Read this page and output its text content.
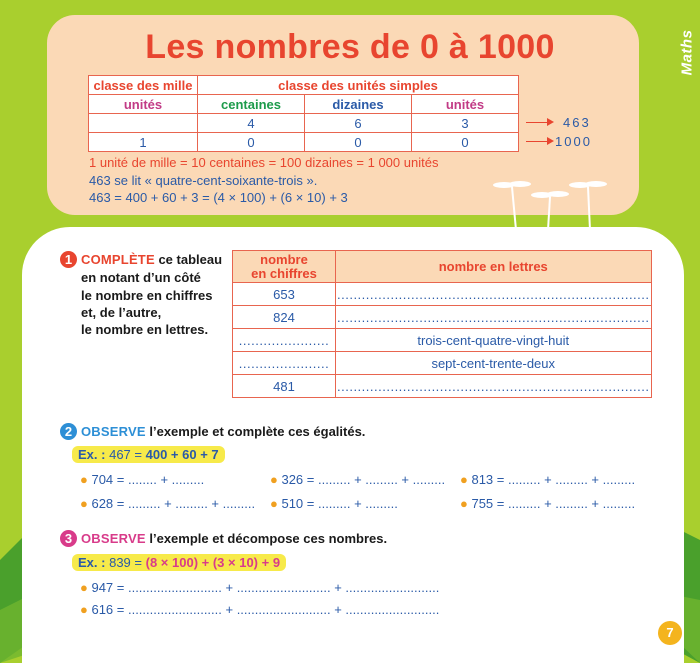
Les nombres de 0 à 1000	Maths
classe des mille	classe des unités simples		
unités	centaines	dizaines	unités
	4	6	3
1	0	0	0
463
1000
1 unité de mille = 10 centaines = 100 dizaines = 1 000 unités
463 se lit « quatre-cent-soixante-trois ».
463 = 400 + 60 + 3 = (4 × 100) + (6 × 10) + 3
1 COMPLÈTE ce tableau
en notant d’un côté
le nombre en chiffres
et, de l’autre,
le nombre en lettres.
nombre
en chiffres	nombre en lettres
653	............................................................................
824	............................................................................
......................	trois-cent-quatre-vingt-huit
......................	sept-cent-trente-deux
481	............................................................................
2 OBSERVE l’exemple et complète ces égalités.
Ex. : 467 = 400 + 60 + 7
● 704 = ........ + .........	● 326 = ......... + ......... + ......... ● 813 = ......... + ......... + .........
● 628 = ......... + ......... + ......... ● 510 = ......... + .........	● 755 = ......... + ......... + .........
3 OBSERVE l’exemple et décompose ces nombres.
Ex. : 839 = (8 × 100) + (3 × 10) + 9
● 947 = .......................... + .......................... + ..........................
● 616 = .......................... + .......................... + ..........................
7
